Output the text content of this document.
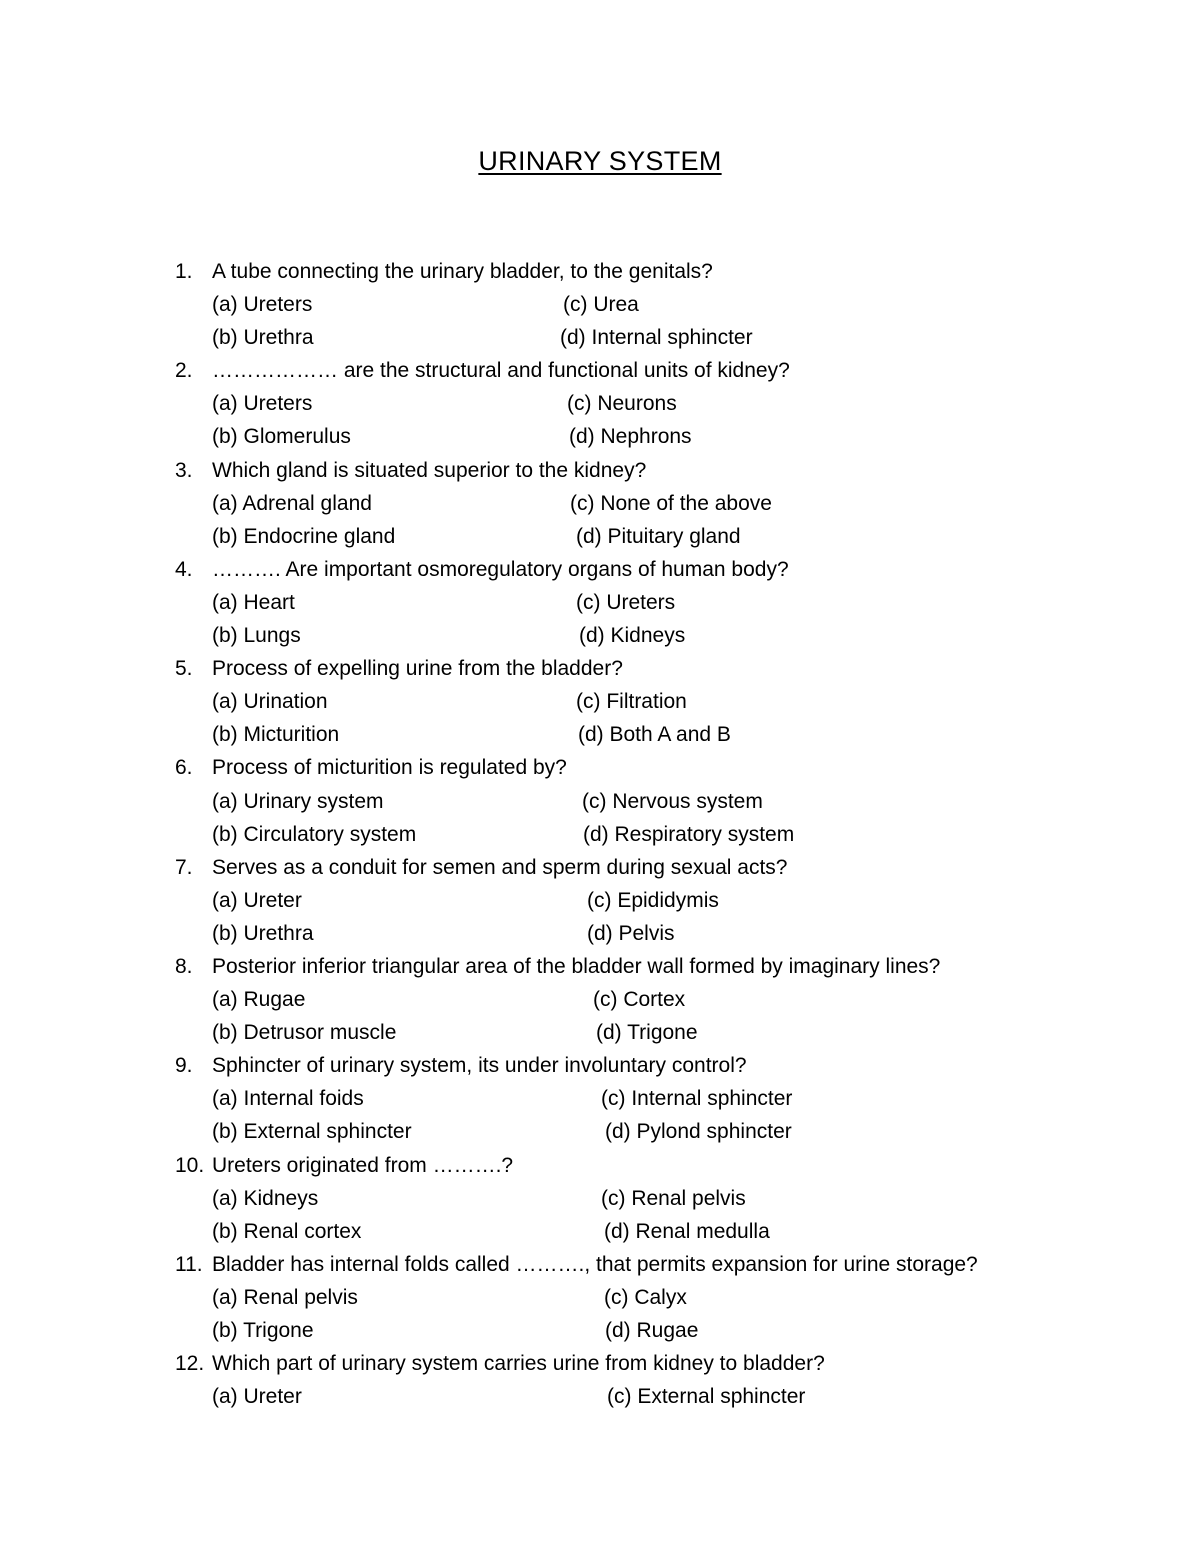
URINARY SYSTEM
1. A tube connecting the urinary bladder, to the genitals?
(a) Ureters	(c) Urea
(b) Urethra	(d) Internal sphincter
2. ……………… are the structural and functional units of kidney?
(a) Ureters	(c) Neurons
(b) Glomerulus	(d) Nephrons
3. Which gland is situated superior to the kidney?
(a) Adrenal gland	(c) None of the above
(b) Endocrine gland	(d) Pituitary gland
4. ………. Are important osmoregulatory organs of human body?
(a) Heart	(c) Ureters
(b) Lungs	(d) Kidneys
5. Process of expelling urine from the bladder?
(a) Urination	(c) Filtration
(b) Micturition	(d) Both A and B
6. Process of micturition is regulated by?
(a) Urinary system	(c) Nervous system
(b) Circulatory system	(d) Respiratory system
7. Serves as a conduit for semen and sperm during sexual acts?
(a) Ureter	(c) Epididymis
(b) Urethra	(d) Pelvis
8. Posterior inferior triangular area of the bladder wall formed by imaginary lines?
(a) Rugae	(c) Cortex
(b) Detrusor muscle	(d) Trigone
9. Sphincter of urinary system, its under involuntary control?
(a) Internal foids	(c) Internal sphincter
(b) External sphincter	(d) Pylond sphincter
10. Ureters originated from ……….?
(a) Kidneys	(c) Renal pelvis
(b) Renal cortex	(d) Renal medulla
11. Bladder has internal folds called ………., that permits expansion for urine storage?
(a) Renal pelvis	(c) Calyx
(b) Trigone	(d) Rugae
12. Which part of urinary system carries urine from kidney to bladder?
(a) Ureter	(c) External sphincter
